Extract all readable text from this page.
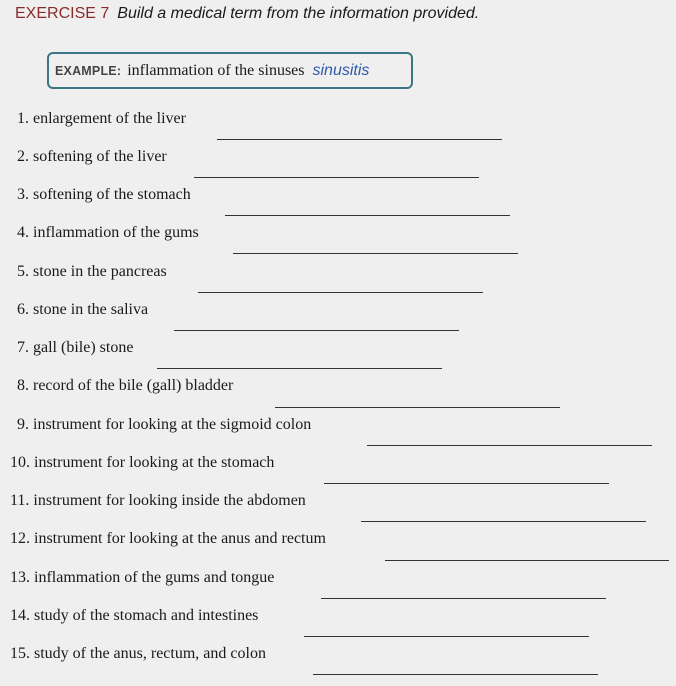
EXERCISE 7 Build a medical term from the information provided.
EXAMPLE: inflammation of the sinuses sinusitis
1. enlargement of the liver
2. softening of the liver
3. softening of the stomach
4. inflammation of the gums
5. stone in the pancreas
6. stone in the saliva
7. gall (bile) stone
8. record of the bile (gall) bladder
9. instrument for looking at the sigmoid colon
10. instrument for looking at the stomach
11. instrument for looking inside the abdomen
12. instrument for looking at the anus and rectum
13. inflammation of the gums and tongue
14. study of the stomach and intestines
15. study of the anus, rectum, and colon
